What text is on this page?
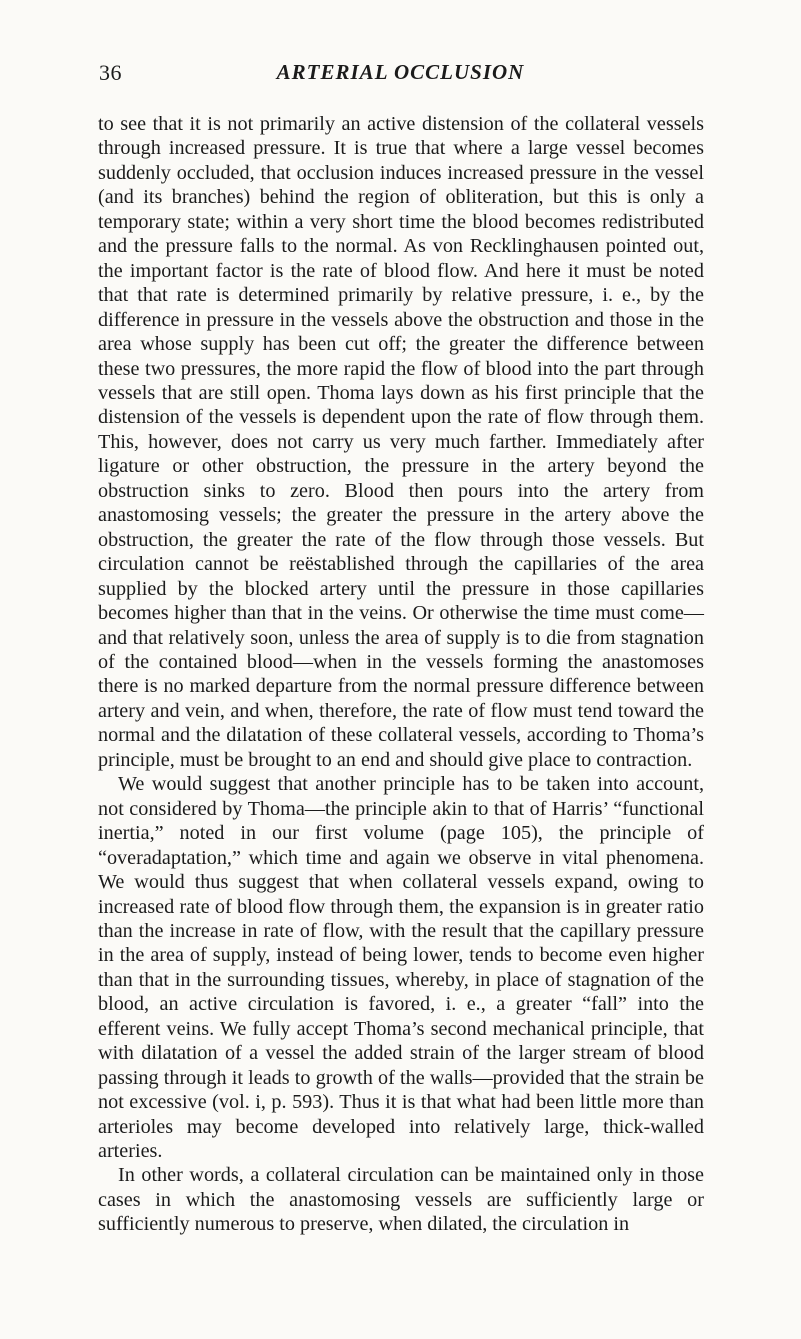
36	ARTERIAL OCCLUSION

to see that it is not primarily an active distension of the collateral vessels through increased pressure. It is true that where a large vessel becomes suddenly occluded, that occlusion induces increased pressure in the vessel (and its branches) behind the region of obliteration, but this is only a temporary state; within a very short time the blood becomes redistributed and the pressure falls to the normal. As von Recklinghausen pointed out, the important factor is the rate of blood flow. And here it must be noted that that rate is determined primarily by relative pressure, i. e., by the difference in pressure in the vessels above the obstruction and those in the area whose supply has been cut off; the greater the difference between these two pressures, the more rapid the flow of blood into the part through vessels that are still open. Thoma lays down as his first principle that the distension of the vessels is dependent upon the rate of flow through them. This, however, does not carry us very much farther. Immediately after ligature or other obstruction, the pressure in the artery beyond the obstruction sinks to zero. Blood then pours into the artery from anastomosing vessels; the greater the pressure in the artery above the obstruction, the greater the rate of the flow through those vessels. But circulation cannot be reëstablished through the capillaries of the area supplied by the blocked artery until the pressure in those capillaries becomes higher than that in the veins. Or otherwise the time must come—and that relatively soon, unless the area of supply is to die from stagnation of the contained blood—when in the vessels forming the anastomoses there is no marked departure from the normal pressure difference between artery and vein, and when, therefore, the rate of flow must tend toward the normal and the dilatation of these collateral vessels, according to Thoma’s principle, must be brought to an end and should give place to contraction.

We would suggest that another principle has to be taken into account, not considered by Thoma—the principle akin to that of Harris’ “functional inertia,” noted in our first volume (page 105), the principle of “overadaptation,” which time and again we observe in vital phenomena. We would thus suggest that when collateral vessels expand, owing to increased rate of blood flow through them, the expansion is in greater ratio than the increase in rate of flow, with the result that the capillary pressure in the area of supply, instead of being lower, tends to become even higher than that in the surrounding tissues, whereby, in place of stagnation of the blood, an active circulation is favored, i. e., a greater “fall” into the efferent veins. We fully accept Thoma’s second mechanical principle, that with dilatation of a vessel the added strain of the larger stream of blood passing through it leads to growth of the walls—provided that the strain be not excessive (vol. i, p. 593). Thus it is that what had been little more than arterioles may become developed into relatively large, thick-walled arteries.

In other words, a collateral circulation can be maintained only in those cases in which the anastomosing vessels are sufficiently large or sufficiently numerous to preserve, when dilated, the circulation in
